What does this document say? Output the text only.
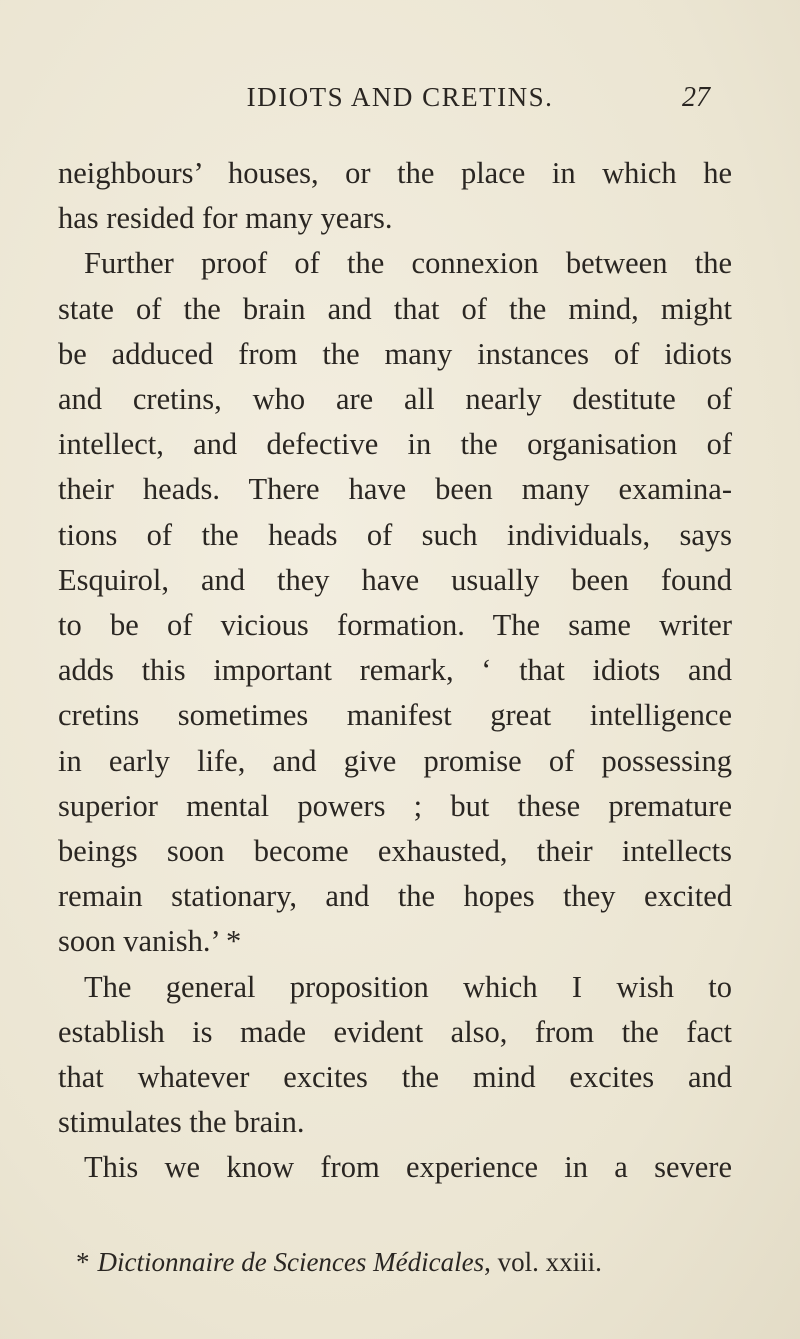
IDIOTS AND CRETINS.	27

neighbours’ houses, or the place in which he

has resided for many years.

Further proof of the connexion between the

state of the brain and that of the mind, might

be adduced from the many instances of idiots

and cretins, who are all nearly destitute of

intellect, and defective in the organisation of

their heads. There have been many examina-

tions of the heads of such individuals, says

Esquirol, and they have usually been found

to be of vicious formation. The same writer

adds this important remark, ‘ that idiots and

cretins sometimes manifest great intelligence

in early life, and give promise of possessing

superior mental powers ; but these premature

beings soon become exhausted, their intellects

remain stationary, and the hopes they excited

soon vanish.’ *

The general proposition which I wish to

establish is made evident also, from the fact

that whatever excites the mind excites and

stimulates the brain.

This we know from experience in a severe

* Dictionnaire de Sciences Médicales, vol. xxiii.
